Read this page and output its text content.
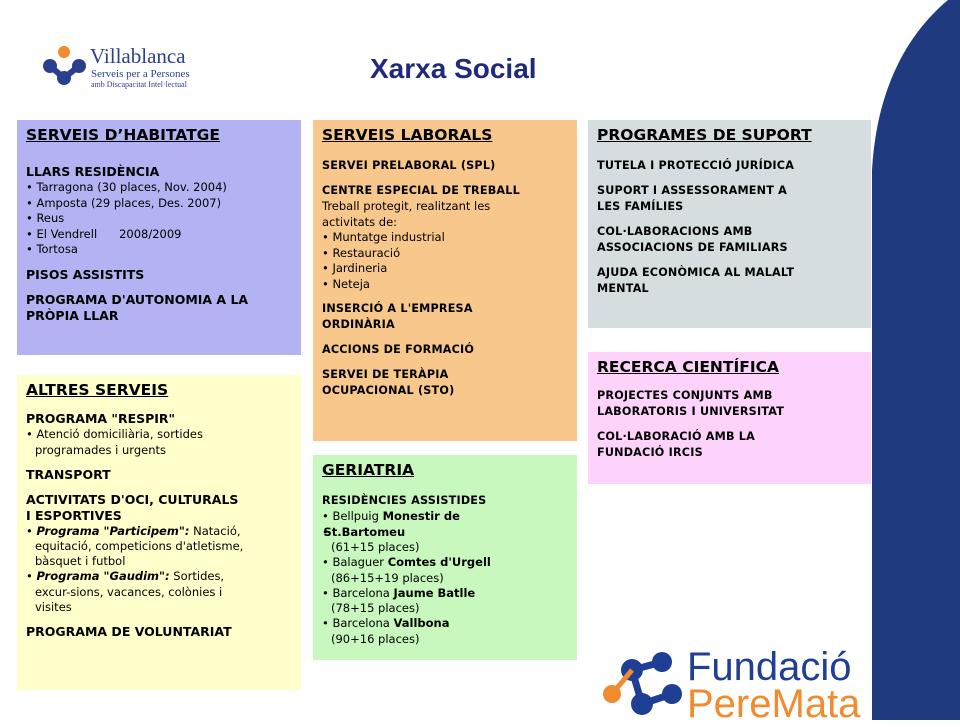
Villablanca
Serveis per a Persones
amb Discapacitat Intel·lectual
Xarxa Social
SERVEIS D’HABITATGE
LLARS RESIDÈNCIA
• Tarragona (30 places, Nov. 2004)
• Amposta (29 places, Des. 2007)
• Reus
• El Vendrell      2008/2009
• Tortosa
PISOS ASSISTITS
PROGRAMA D'AUTONOMIA A LA
PRÒPIA LLAR
ALTRES SERVEIS
PROGRAMA "RESPIR"
• Atenció domiciliària, sortides
programades i urgents
TRANSPORT
ACTIVITATS D'OCI, CULTURALS
I ESPORTIVES
• Programa "Participem": Natació,
equitació, competicions d'atletisme,
bàsquet i futbol
• Programa "Gaudim": Sortides,
excur-sions, vacances, colònies i
visites
PROGRAMA DE VOLUNTARIAT
SERVEIS LABORALS
SERVEI PRELABORAL (SPL)
CENTRE ESPECIAL DE TREBALL
Treball protegit, realitzant les
activitats de:
• Muntatge industrial
• Restauració
• Jardineria
• Neteja
INSERCIÓ A L'EMPRESA
ORDINÀRIA
ACCIONS DE FORMACIÓ
SERVEI DE TERÀPIA
OCUPACIONAL (STO)
GERIATRIA
RESIDÈNCIES ASSISTIDES
• Bellpuig Monestir de
• St.Bartomeu
(61+15 places)
• Balaguer Comtes d'Urgell
(86+15+19 places)
• Barcelona Jaume Batlle
(78+15 places)
• Barcelona Vallbona
(90+16 places)
PROGRAMES DE SUPORT
TUTELA I PROTECCIÓ JURÍDICA
SUPORT I ASSESSORAMENT A
LES FAMÍLIES
COL·LABORACIONS AMB
ASSOCIACIONS DE FAMILIARS
AJUDA ECONÒMICA AL MALALT
MENTAL
RECERCA CIENTÍFICA
PROJECTES CONJUNTS AMB
LABORATORIS I UNIVERSITAT
COL·LABORACIÓ AMB LA
FUNDACIÓ IRCIS
Fundació
PereMata
